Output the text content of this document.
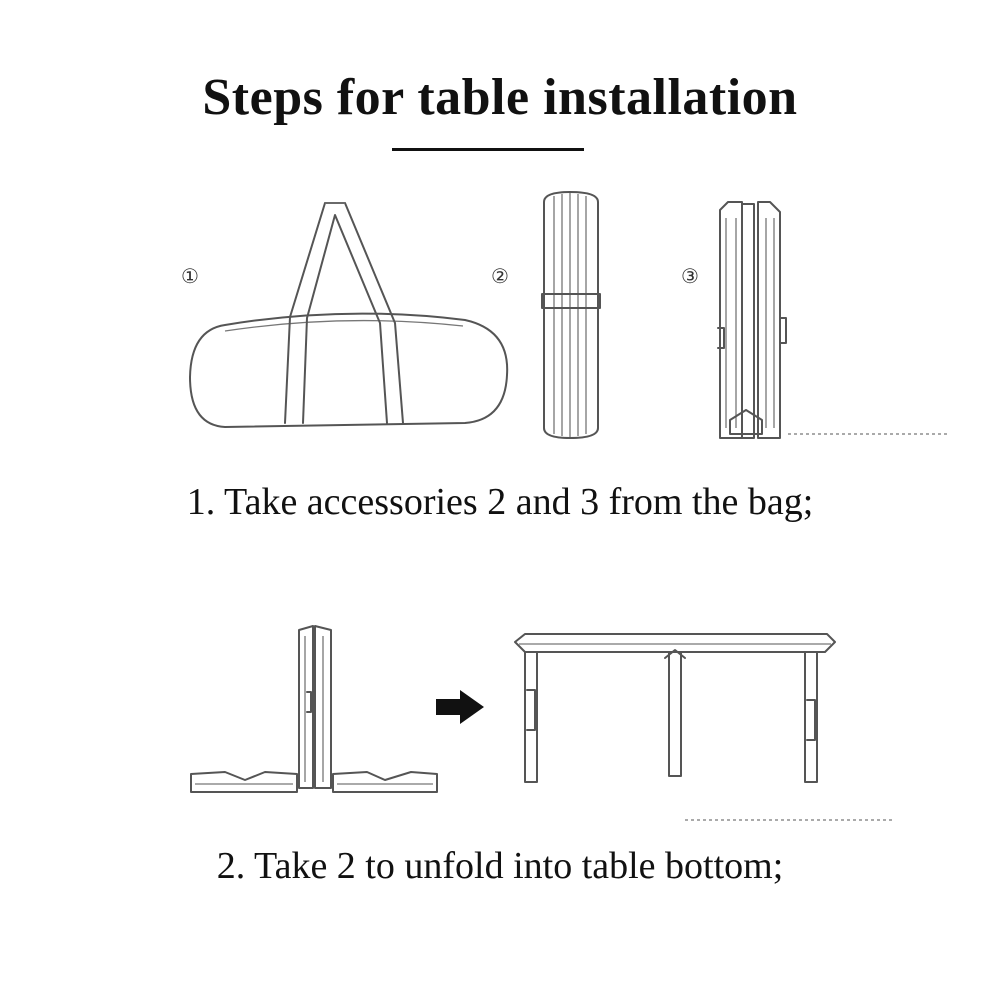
Steps for table installation
①	②	③
1. Take accessories 2 and 3 from the bag;
2. Take 2 to unfold into table bottom;
